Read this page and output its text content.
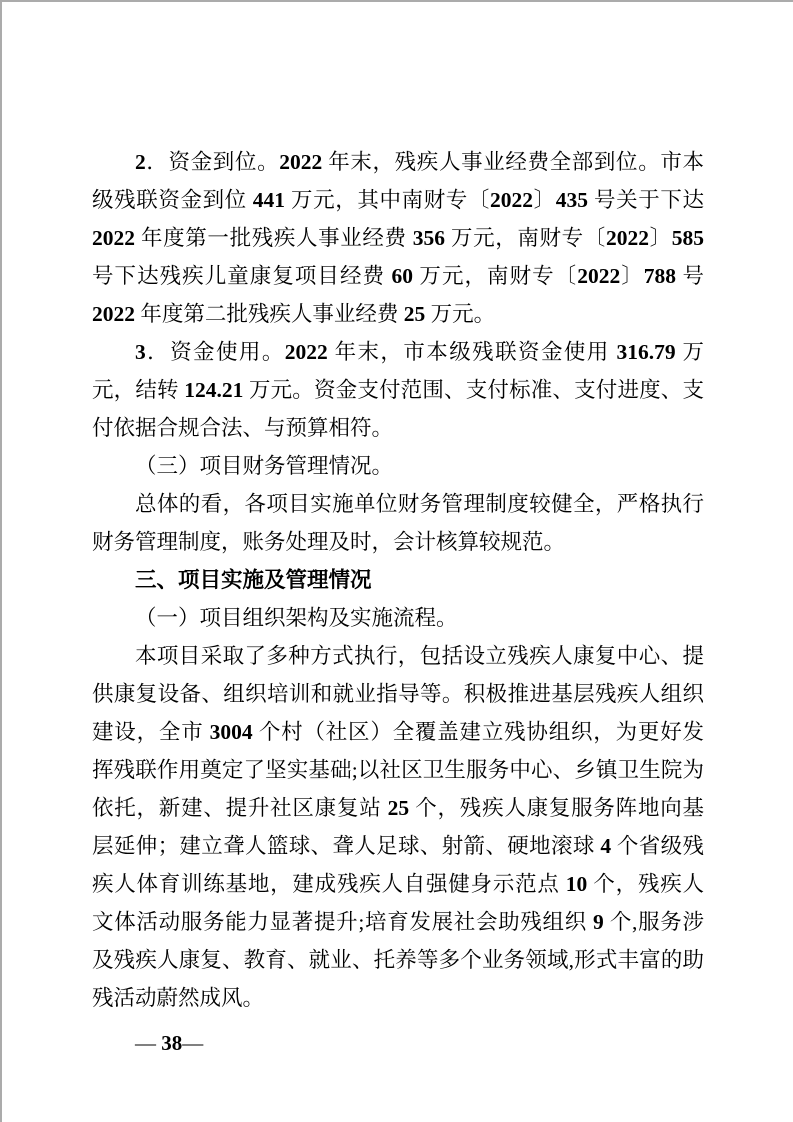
2．资金到位。2022 年末，残疾人事业经费全部到位。市本级残联资金到位 441 万元，其中南财专〔2022〕435 号关于下达 2022 年度第一批残疾人事业经费 356 万元，南财专〔2022〕585 号下达残疾儿童康复项目经费 60 万元，南财专〔2022〕788 号 2022 年度第二批残疾人事业经费 25 万元。

3．资金使用。2022 年末，市本级残联资金使用 316.79 万元，结转 124.21 万元。资金支付范围、支付标准、支付进度、支付依据合规合法、与预算相符。

（三）项目财务管理情况。

总体的看，各项目实施单位财务管理制度较健全，严格执行财务管理制度，账务处理及时，会计核算较规范。

三、项目实施及管理情况

（一）项目组织架构及实施流程。

本项目采取了多种方式执行，包括设立残疾人康复中心、提供康复设备、组织培训和就业指导等。积极推进基层残疾人组织建设，全市 3004 个村（社区）全覆盖建立残协组织，为更好发挥残联作用奠定了坚实基础;以社区卫生服务中心、乡镇卫生院为依托，新建、提升社区康复站 25 个，残疾人康复服务阵地向基层延伸；建立聋人篮球、聋人足球、射箭、硬地滚球 4 个省级残疾人体育训练基地，建成残疾人自强健身示范点 10 个，残疾人文体活动服务能力显著提升;培育发展社会助残组织 9 个,服务涉及残疾人康复、教育、就业、托养等多个业务领域,形式丰富的助残活动蔚然成风。

— 38—
